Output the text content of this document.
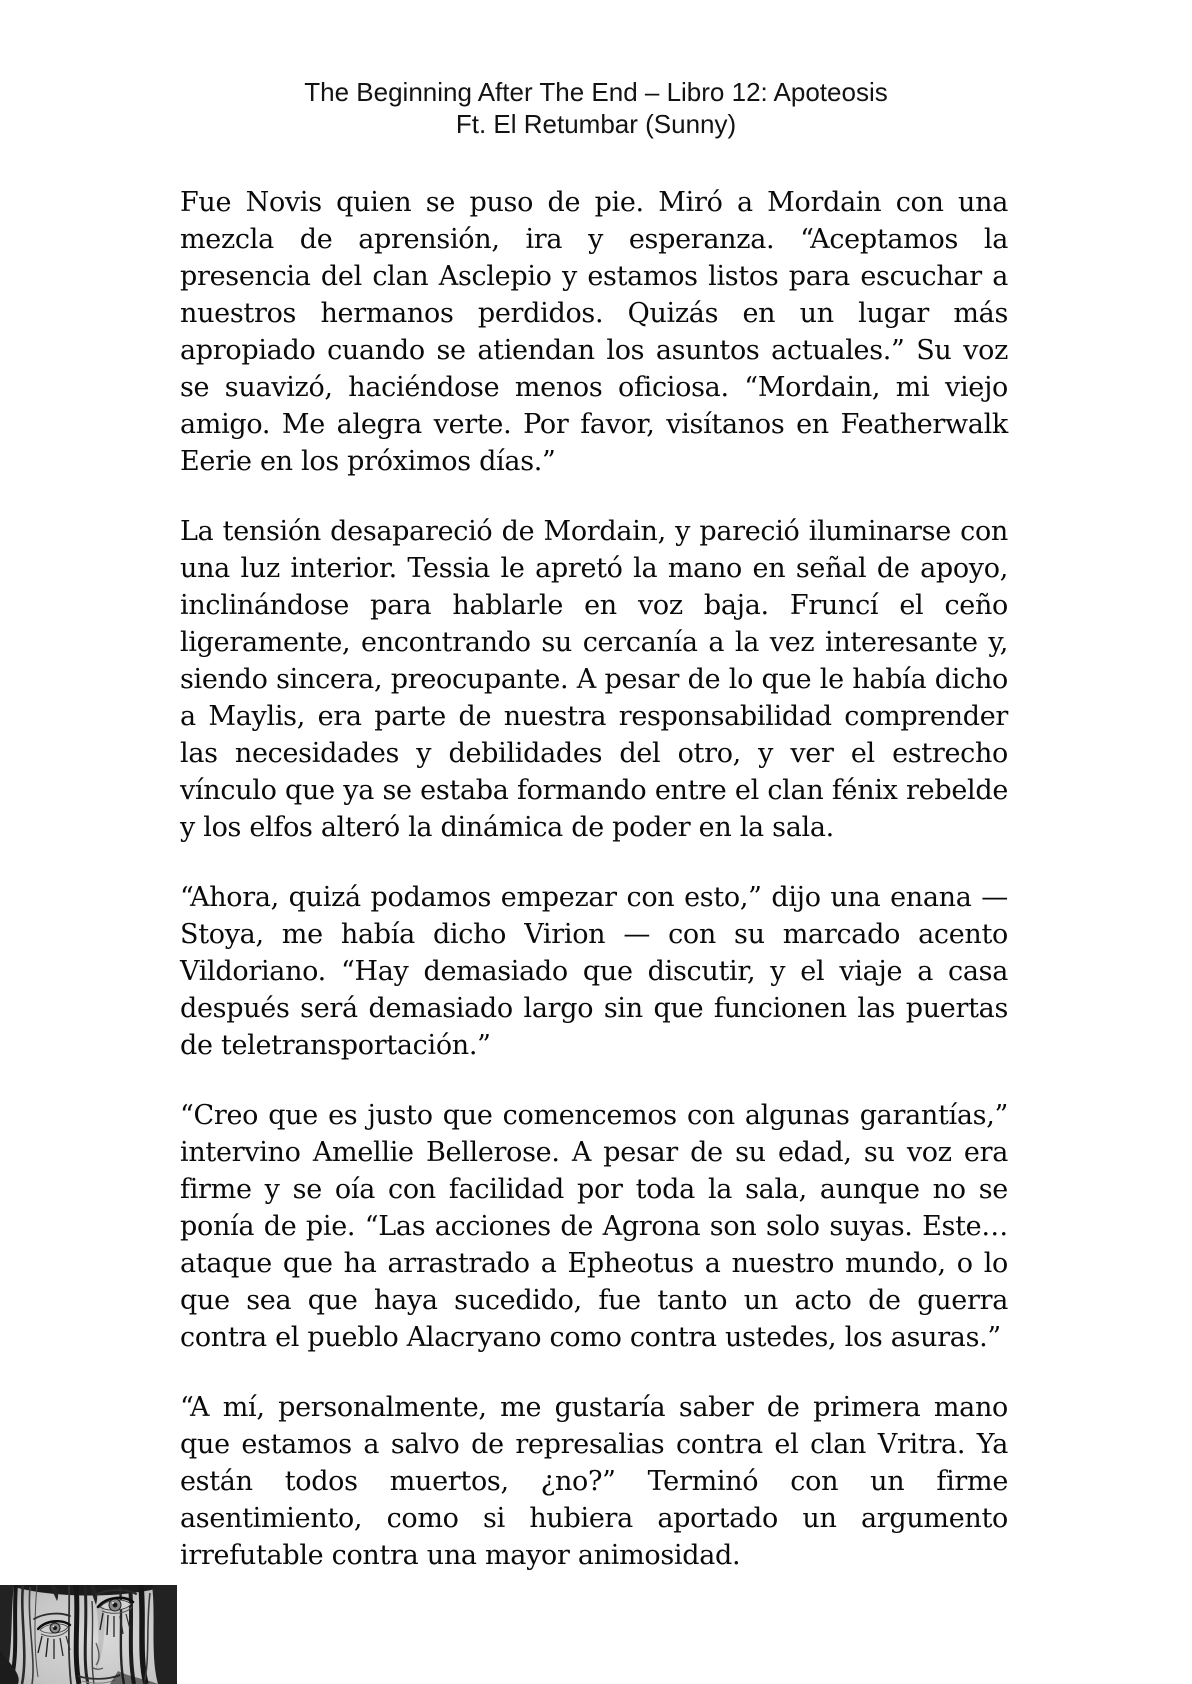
The Beginning After The End – Libro 12: Apoteosis
Ft. El Retumbar (Sunny)

Fue Novis quien se puso de pie. Miró a Mordain con una mezcla de aprensión, ira y esperanza. “Aceptamos la presencia del clan Asclepio y estamos listos para escuchar a nuestros hermanos perdidos. Quizás en un lugar más apropiado cuando se atiendan los asuntos actuales.” Su voz se suavizó, haciéndose menos oficiosa. “Mordain, mi viejo amigo. Me alegra verte. Por favor, visítanos en Featherwalk Eerie en los próximos días.”

La tensión desapareció de Mordain, y pareció iluminarse con una luz interior. Tessia le apretó la mano en señal de apoyo, inclinándose para hablarle en voz baja. Fruncí el ceño ligeramente, encontrando su cercanía a la vez interesante y, siendo sincera, preocupante. A pesar de lo que le había dicho a Maylis, era parte de nuestra responsabilidad comprender las necesidades y debilidades del otro, y ver el estrecho vínculo que ya se estaba formando entre el clan fénix rebelde y los elfos alteró la dinámica de poder en la sala.

“Ahora, quizá podamos empezar con esto,” dijo una enana — Stoya, me había dicho Virion — con su marcado acento Vildoriano. “Hay demasiado que discutir, y el viaje a casa después será demasiado largo sin que funcionen las puertas de teletransportación.”

“Creo que es justo que comencemos con algunas garantías,” intervino Amellie Bellerose. A pesar de su edad, su voz era firme y se oía con facilidad por toda la sala, aunque no se ponía de pie. “Las acciones de Agrona son solo suyas. Este… ataque que ha arrastrado a Epheotus a nuestro mundo, o lo que sea que haya sucedido, fue tanto un acto de guerra contra el pueblo Alacryano como contra ustedes, los asuras.”

“A mí, personalmente, me gustaría saber de primera mano que estamos a salvo de represalias contra el clan Vritra. Ya están todos muertos, ¿no?” Terminó con un firme asentimiento, como si hubiera aportado un argumento irrefutable contra una mayor animosidad.
